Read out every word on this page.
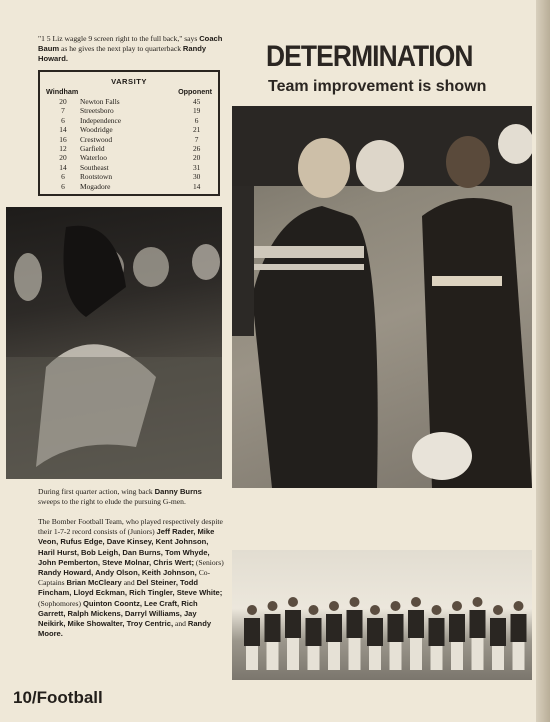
"1 5 Liz waggle 9 screen right to the full back," says Coach Baum as he gives the next play to quarterback Randy Howard.
VARSITY
Windham		Opponent
20	Newton Falls	45
7	Streetsboro	19
6	Independence	6
14	Woodridge	21
16	Crestwood	7
12	Garfield	26
20	Waterloo	20
14	Southeast	31
6	Rootstown	30
6	Mogadore	14
DETERMINATION
Team improvement is shown
During first quarter action, wing back Danny Burns sweeps to the right to elude the pursuing G-men.
The Bomber Football Team, who played respectively despite their 1-7-2 record consists of (Juniors) Jeff Rader, Mike Veon, Rufus Edge, Dave Kinsey, Kent Johnson, Haril Hurst, Bob Leigh, Dan Burns, Tom Whyde, John Pemberton, Steve Molnar, Chris Wert; (Seniors) Randy Howard, Andy Olson, Keith Johnson, Co-Captains Brian McCleary and Del Steiner, Todd Fincham, Lloyd Eckman, Rich Tingler, Steve White; (Sophomores) Quinton Coontz, Lee Craft, Rich Garrett, Ralph Mickens, Darryl Williams, Jay Neikirk, Mike Showalter, Troy Centric, and Randy Moore.
10/Football
